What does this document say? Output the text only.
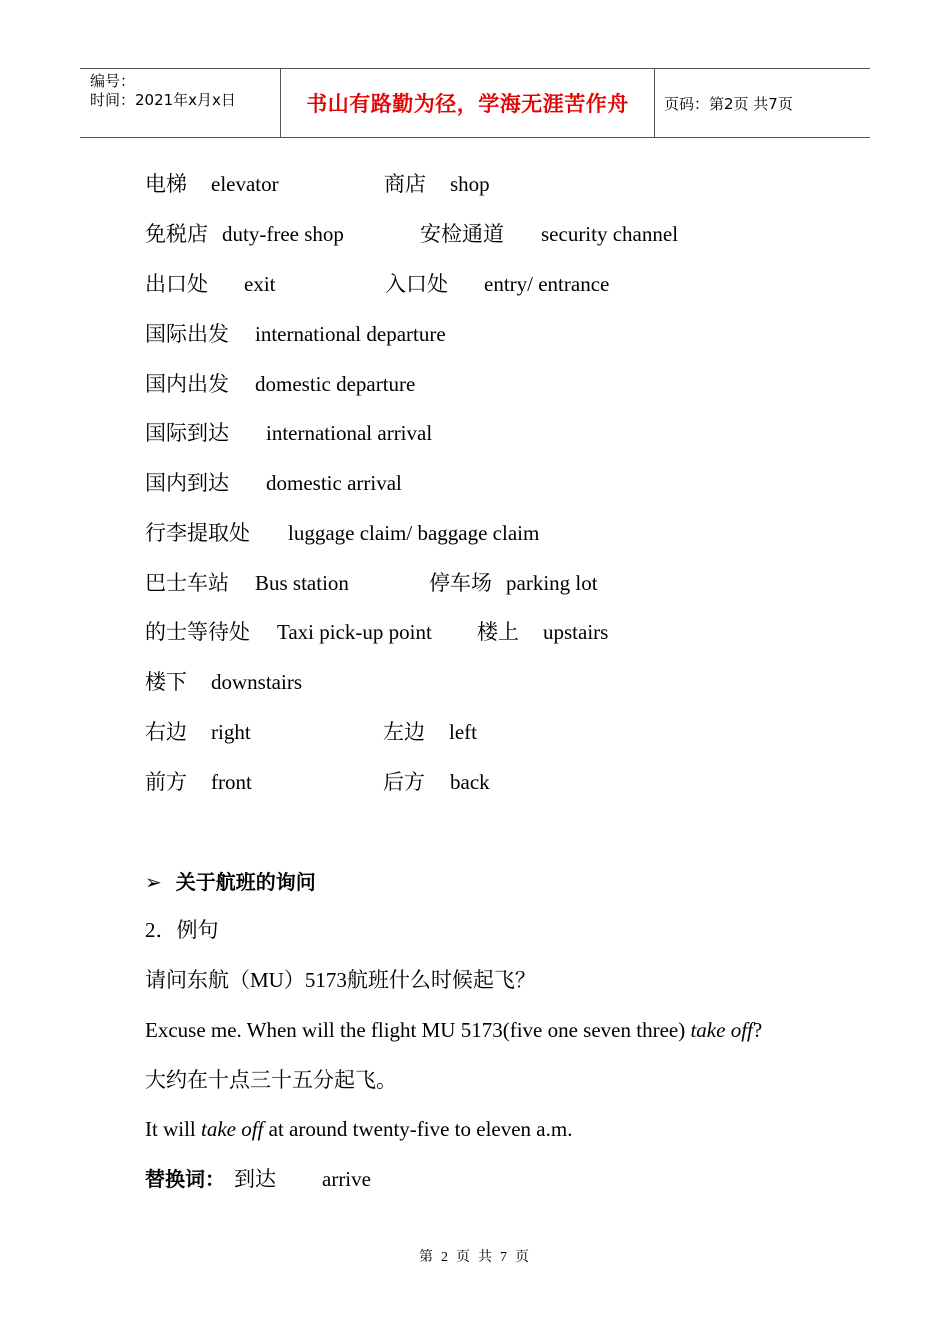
编号：
时间：2021年x月x日	书山有路勤为径，学海无涯苦作舟 页码：第2页 共7页
电梯 elevator	商店 shop
免税店 duty-free shop	安检通道 security channel
出口处 exit	入口处 entry/ entrance
国际出发 international departure
国内出发 domestic departure
国际到达 international arrival
国内到达 domestic arrival
行李提取处 luggage claim/ baggage claim
巴士车站 Bus station	停车场 parking lot
的士等待处 Taxi pick-up point 楼上 upstairs
楼下 downstairs
右边 right	左边 left
前方 front	后方 back
➢ 关于航班的询问
2．例句
请问东航（MU）5173航班什么时候起飞？
Excuse me. When will the flight MU 5173(five one seven three) take off?
大约在十点三十五分起飞。
It will take off at around twenty-five to eleven a.m.
替换词： 到达 arrive
第 2 页 共 7 页
